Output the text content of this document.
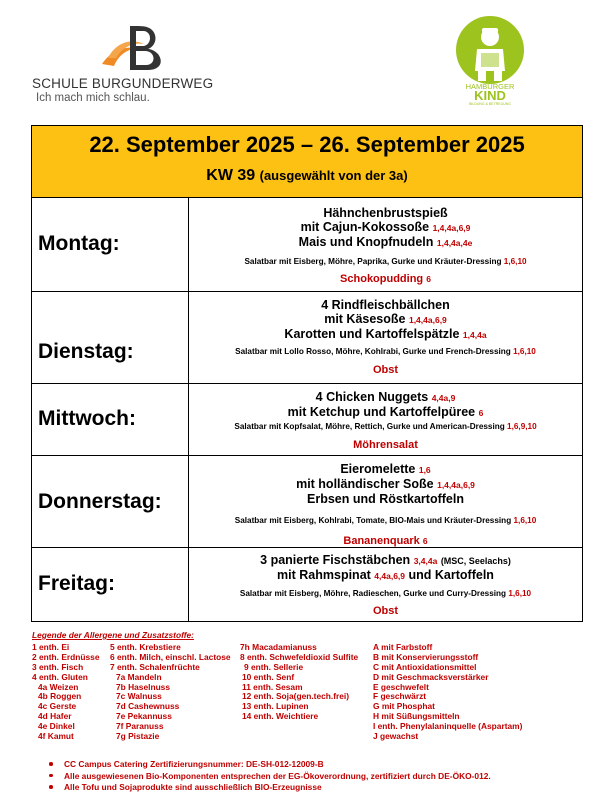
SCHULE BURGUNDERWEG
Ich mach mich schlau.
HAMBURGER
KIND
BILDUNG & BETREUUNG
22. September 2025 – 26. September 2025
KW 39 (ausgewählt von der 3a)
Montag:
Hähnchenbrustspieß
mit Cajun-Kokossoße 1,4,4a,6,9
Mais und Knopfnudeln 1,4,4a,4e
Salatbar mit Eisberg, Möhre, Paprika, Gurke und Kräuter-Dressing 1,6,10
Schokopudding 6
Dienstag:
4 Rindfleischbällchen
mit Käsesoße 1,4,4a,6,9
Karotten und Kartoffelspätzle 1,4,4a
Salatbar mit Lollo Rosso, Möhre, Kohlrabi, Gurke und French-Dressing 1,6,10
Obst
Mittwoch:
4 Chicken Nuggets 4,4a,9
mit Ketchup und Kartoffelpüree 6
Salatbar mit Kopfsalat, Möhre, Rettich, Gurke und American-Dressing 1,6,9,10
Möhrensalat
Donnerstag:
Eieromelette 1,6
mit holländischer Soße 1,4,4a,6,9
Erbsen und Röstkartoffeln
Salatbar mit Eisberg, Kohlrabi, Tomate, BIO-Mais und Kräuter-Dressing 1,6,10
Bananenquark 6
Freitag:
3 panierte Fischstäbchen 3,4,4a (MSC, Seelachs)
mit Rahmspinat 4,4a,6,9 und Kartoffeln
Salatbar mit Eisberg, Möhre, Radieschen, Gurke und Curry-Dressing 1,6,10
Obst
Legende der Allergene und Zusatzstoffe:
1 enth. Ei
2 enth. Erdnüsse
3 enth. Fisch
4 enth. Gluten
4a Weizen
4b Roggen
4c Gerste
4d Hafer
4e Dinkel
4f Kamut
5 enth. Krebstiere
6 enth. Milch, einschl. Lactose
7 enth. Schalenfrüchte
7a Mandeln
7b Haselnuss
7c Walnuss
7d Cashewnuss
7e Pekannuss
7f Paranuss
7g Pistazie
7h Macadamianuss
8 enth. Schwefeldioxid Sulfite
9 enth. Sellerie
10 enth. Senf
11 enth. Sesam
12 enth. Soja(gen.tech.frei)
13 enth. Lupinen
14 enth. Weichtiere
A mit Farbstoff
B mit Konservierungsstoff
C mit Antioxidationsmittel
D mit Geschmacksverstärker
E geschwefelt
F geschwärzt
G mit Phosphat
H mit Süßungsmitteln
I enth. Phenylalaninquelle (Aspartam)
J gewachst
CC Campus Catering Zertifizierungsnummer: DE-SH-012-12009-B
Alle ausgewiesenen Bio-Komponenten entsprechen der EG-Ökoverordnung, zertifiziert durch DE-ÖKO-012.
Alle Tofu und Sojaprodukte sind ausschließlich BIO-Erzeugnisse
